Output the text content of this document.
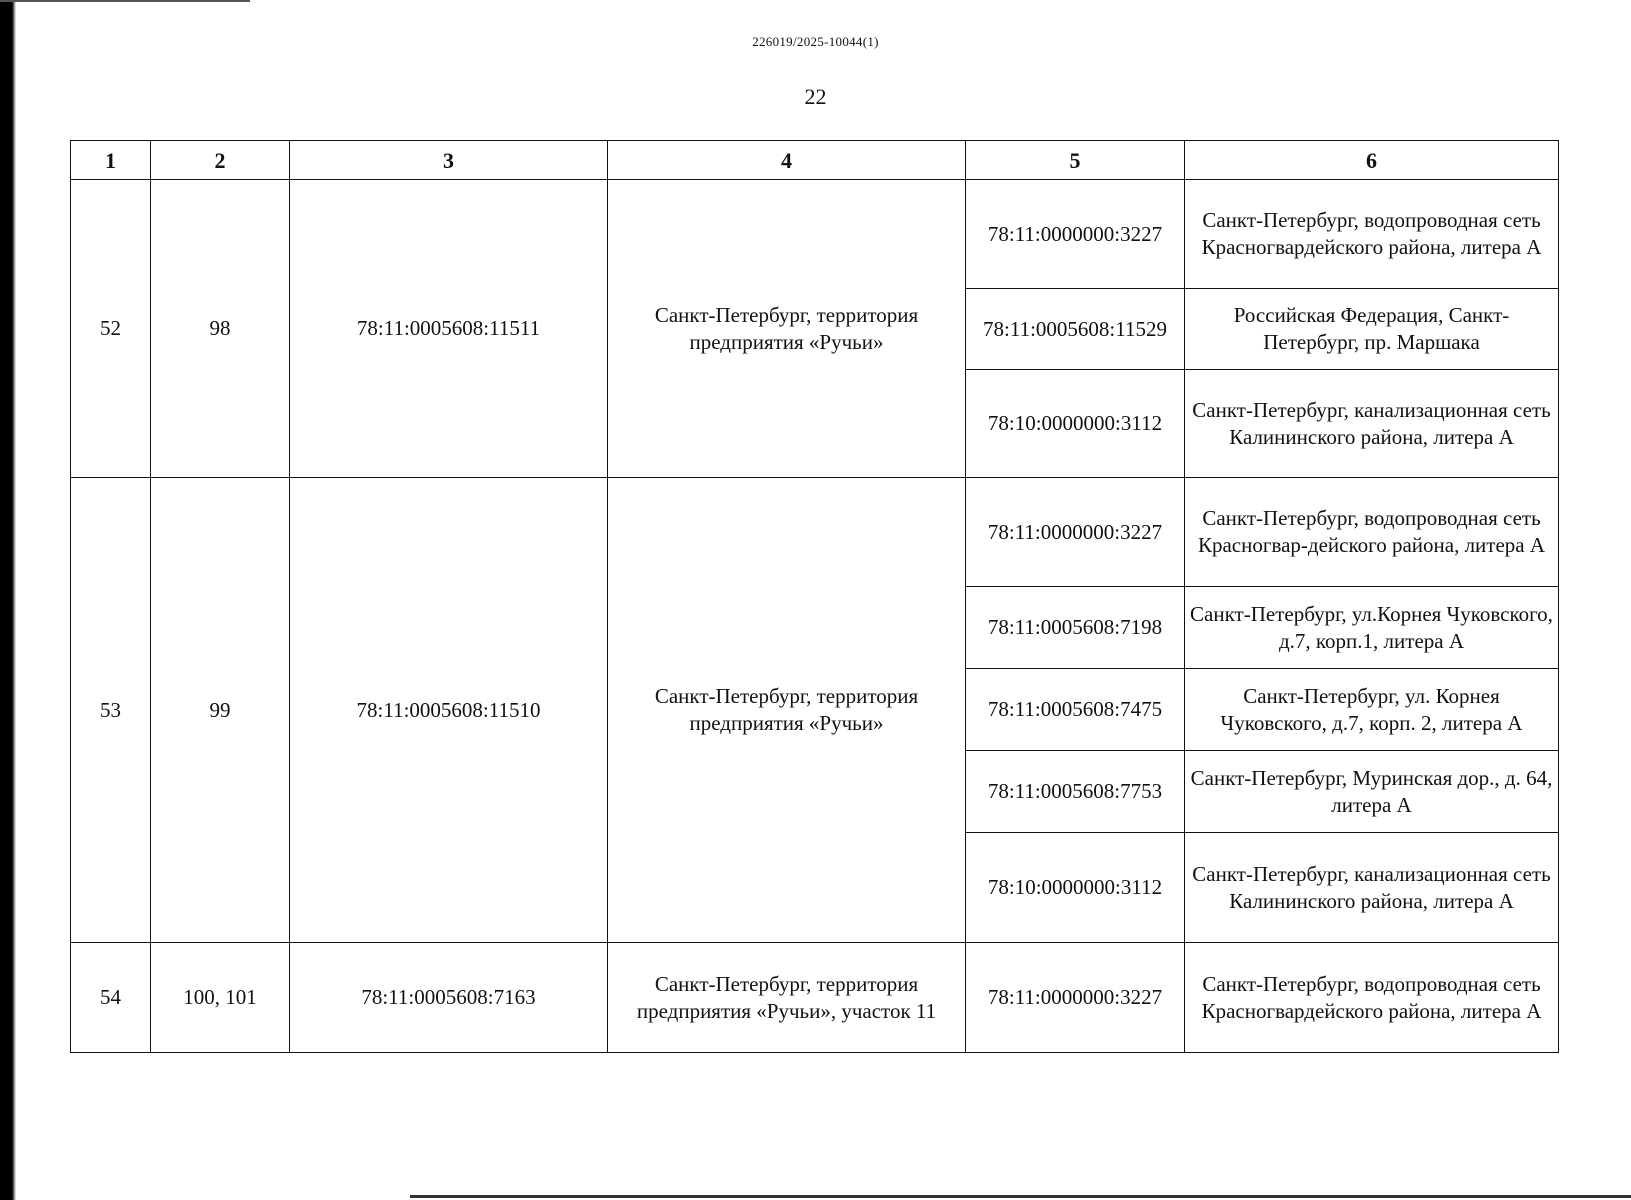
226019/2025-10044(1)
22
1	2	3	4	5	6
52	98	78:11:0005608:11511	Санкт-Петербург, территория предприятия «Ручьи»	78:11:0000000:3227	Санкт-Петербург, водопроводная сеть Красногвардейского района, литера А
				78:11:0005608:11529	Российская Федерация, Санкт-Петербург, пр. Маршака
				78:10:0000000:3112	Санкт-Петербург, канализационная сеть Калининского района, литера А
53	99	78:11:0005608:11510	Санкт-Петербург, территория предприятия «Ручьи»	78:11:0000000:3227	Санкт-Петербург, водопроводная сеть Красногвар-дейского района, литера А
				78:11:0005608:7198	Санкт-Петербург, ул.Корнея Чуковского, д.7, корп.1, литера А
				78:11:0005608:7475	Санкт-Петербург, ул. Корнея Чуковского, д.7, корп. 2, литера А
				78:11:0005608:7753	Санкт-Петербург, Муринская дор., д. 64, литера А
				78:10:0000000:3112	Санкт-Петербург, канализационная сеть Калининского района, литера А
54	100, 101	78:11:0005608:7163	Санкт-Петербург, территория предприятия «Ручьи», участок 11	78:11:0000000:3227	Санкт-Петербург, водопроводная сеть Красногвардейского района, литера А
